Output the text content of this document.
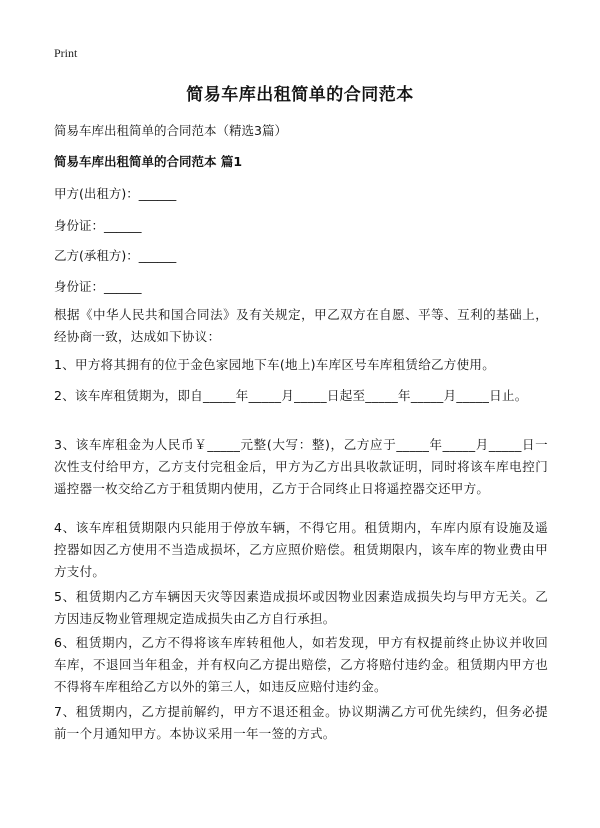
Print
简易车库出租简单的合同范本
简易车库出租简单的合同范本（精选3篇）
简易车库出租简单的合同范本 篇1
甲方(出租方)：______
身份证：______
乙方(承租方)：______
身份证：______
根据《中华人民共和国合同法》及有关规定，甲乙双方在自愿、平等、互利的基础上，经协商一致，达成如下协议：
1、甲方将其拥有的位于金色家园地下车(地上)车库区号车库租赁给乙方使用。
2、该车库租赁期为，即自_____年_____月_____日起至_____年_____月_____日止。
3、该车库租金为人民币￥_____元整(大写：整)，乙方应于_____年_____月_____日一次性支付给甲方，乙方支付完租金后，甲方为乙方出具收款证明，同时将该车库电控门遥控器一枚交给乙方于租赁期内使用，乙方于合同终止日将遥控器交还甲方。
4、该车库租赁期限内只能用于停放车辆，不得它用。租赁期内，车库内原有设施及遥控器如因乙方使用不当造成损坏，乙方应照价赔偿。租赁期限内，该车库的物业费由甲方支付。
5、租赁期内乙方车辆因天灾等因素造成损坏或因物业因素造成损失均与甲方无关。乙方因违反物业管理规定造成损失由乙方自行承担。
6、租赁期内，乙方不得将该车库转租他人，如若发现，甲方有权提前终止协议并收回车库，不退回当年租金，并有权向乙方提出赔偿，乙方将赔付违约金。租赁期内甲方也不得将车库租给乙方以外的第三人，如违反应赔付违约金。
7、租赁期内，乙方提前解约，甲方不退还租金。协议期满乙方可优先续约，但务必提前一个月通知甲方。本协议采用一年一签的方式。
